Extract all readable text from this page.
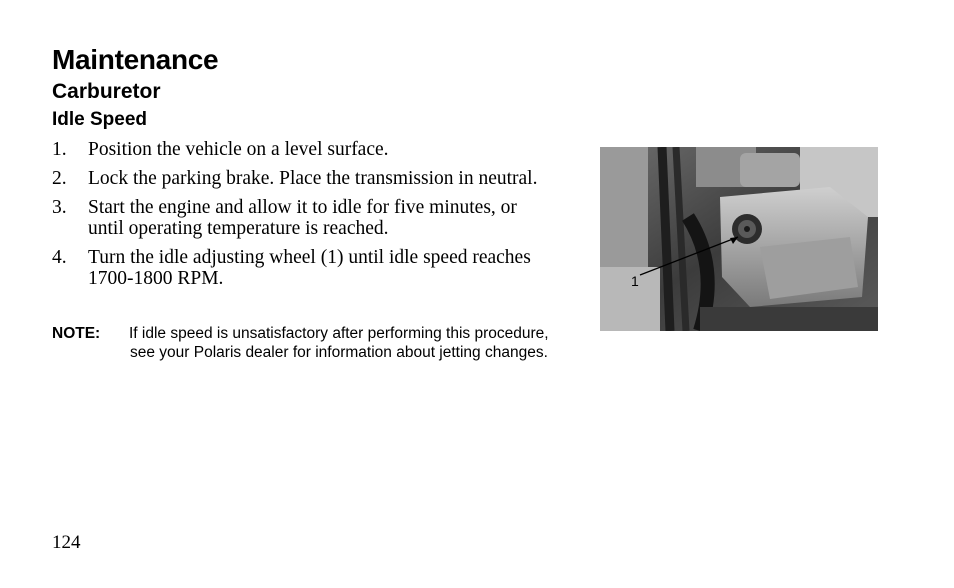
Maintenance
Carburetor
Idle Speed
1. Position the vehicle on a level surface.
2. Lock the parking brake. Place the transmission in neutral.
3. Start the engine and allow it to idle for five minutes, or until operating temperature is reached.
4. Turn the idle adjusting wheel (1) until idle speed reaches 1700-1800 RPM.
NOTE:	If idle speed is unsatisfactory after performing this procedure, see your Polaris dealer for information about jetting changes.
1
124
